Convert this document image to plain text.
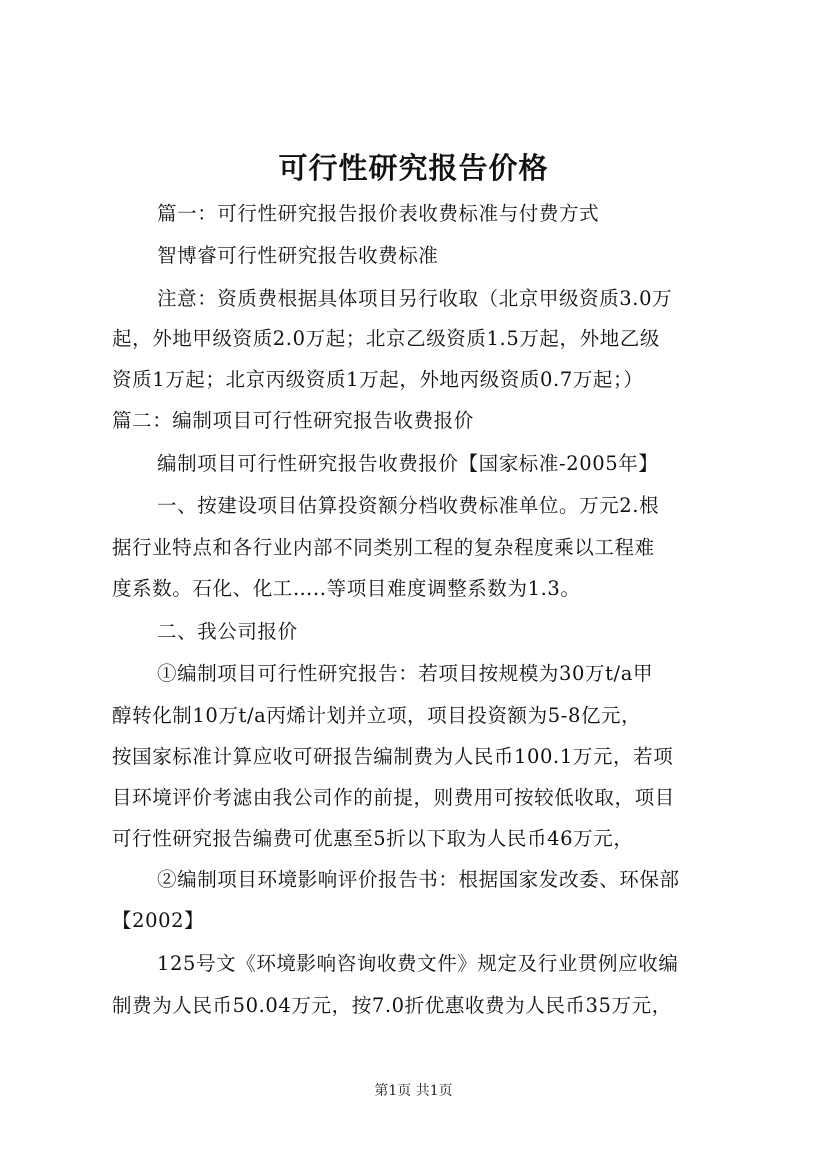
可行性研究报告价格
篇一：可行性研究报告报价表收费标准与付费方式
智博睿可行性研究报告收费标准
注意：资质费根据具体项目另行收取（北京甲级资质3.0万
起，外地甲级资质2.0万起；北京乙级资质1.5万起，外地乙级
资质1万起；北京丙级资质1万起，外地丙级资质0.7万起；）
篇二：编制项目可行性研究报告收费报价
编制项目可行性研究报告收费报价【国家标准-2005年】
一、按建设项目估算投资额分档收费标准单位。万元2.根
据行业特点和各行业内部不同类别工程的复杂程度乘以工程难
度系数。石化、化工…..等项目难度调整系数为1.3。
二、我公司报价
①编制项目可行性研究报告：若项目按规模为30万t/a甲
醇转化制10万t/a丙烯计划并立项，项目投资额为5-8亿元，
按国家标准计算应收可研报告编制费为人民币100.1万元，若项
目环境评价考滤由我公司作的前提，则费用可按较低收取，项目
可行性研究报告编费可优惠至5折以下取为人民币46万元，
②编制项目环境影响评价报告书：根据国家发改委、环保部
【2002】
125号文《环境影响咨询收费文件》规定及行业贯例应收编
制费为人民币50.04万元，按7.0折优惠收费为人民币35万元，
第1页 共1页
